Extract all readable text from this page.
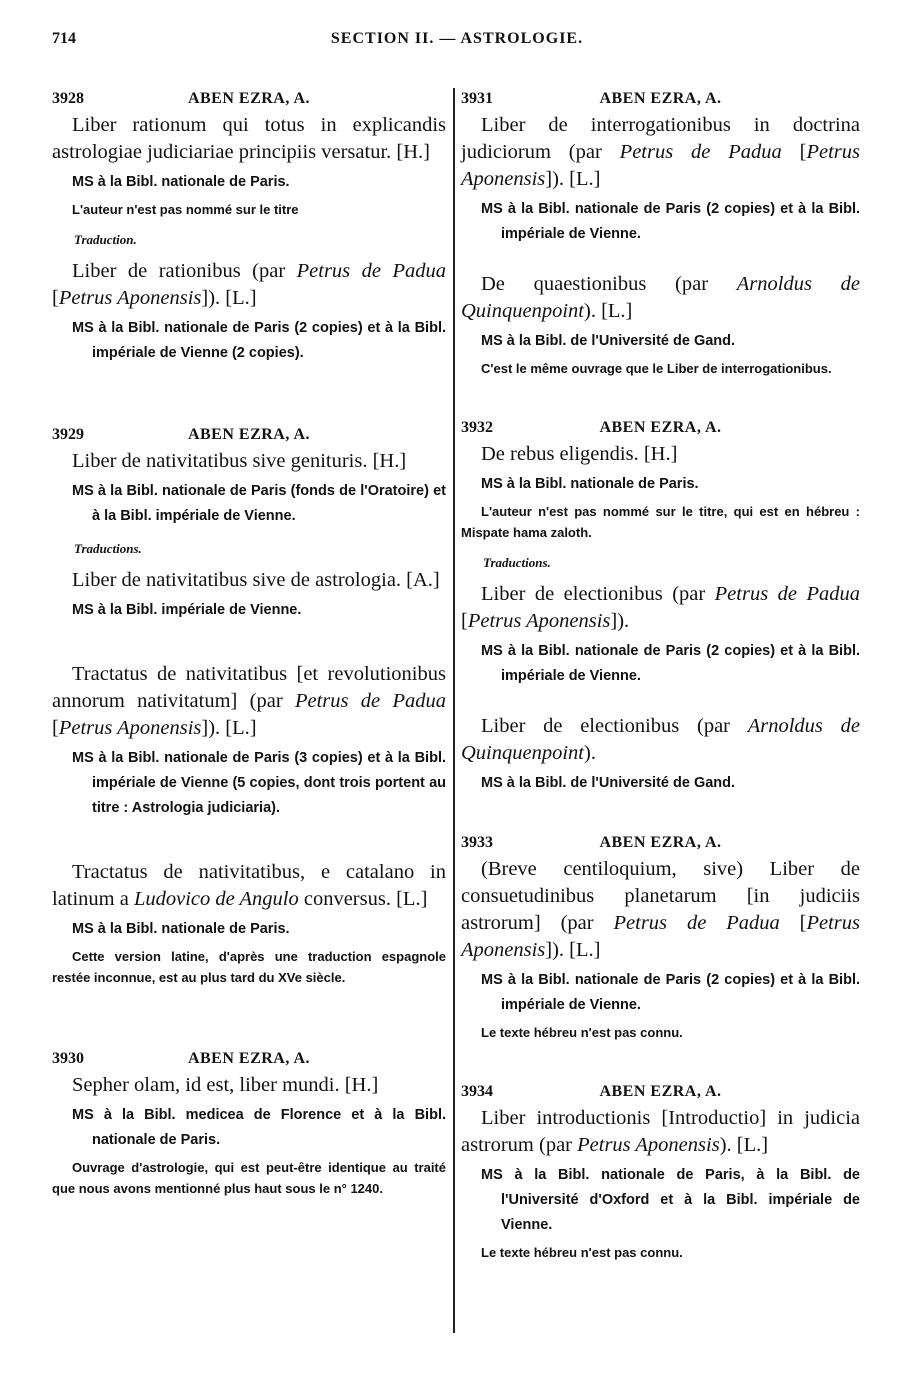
714	SECTION II. — ASTROLOGIE.
3928	ABEN EZRA, A.

Liber rationum qui totus in explicandis astrologiae judiciariae principiis versatur. [H.]

MS à la Bibl. nationale de Paris.

L'auteur n'est pas nommé sur le titre

Traduction.

Liber de rationibus (par Petrus de Padua [Petrus Aponensis]). [L.]

MS à la Bibl. nationale de Paris (2 copies) et à la Bibl. impériale de Vienne (2 copies).

3929	ABEN EZRA, A.

Liber de nativitatibus sive genituris. [H.]

MS à la Bibl. nationale de Paris (fonds de l'Oratoire) et à la Bibl. impériale de Vienne.

Traductions.

Liber de nativitatibus sive de astrologia. [A.]

MS à la Bibl. impériale de Vienne.

Tractatus de nativitatibus [et revolutionibus annorum nativitatum] (par Petrus de Padua [Petrus Aponensis]). [L.]

MS à la Bibl. nationale de Paris (3 copies) et à la Bibl. impériale de Vienne (5 copies, dont trois portent au titre : Astrologia judiciaria).

Tractatus de nativitatibus, e catalano in latinum a Ludovico de Angulo conversus. [L.]

MS à la Bibl. nationale de Paris.

Cette version latine, d'après une traduction espagnole restée inconnue, est au plus tard du XVe siècle.

3930	ABEN EZRA, A.

Sepher olam, id est, liber mundi. [H.]

MS à la Bibl. medicea de Florence et à la Bibl. nationale de Paris.

Ouvrage d'astrologie, qui est peut-être identique au traité que nous avons mentionné plus haut sous le n° 1240.

3931	ABEN EZRA, A.

Liber de interrogationibus in doctrina judiciorum (par Petrus de Padua [Petrus Aponensis]). [L.]

MS à la Bibl. nationale de Paris (2 copies) et à la Bibl. impériale de Vienne.

De quaestionibus (par Arnoldus de Quinquenpoint). [L.]

MS à la Bibl. de l'Université de Gand.

C'est le même ouvrage que le Liber de interrogationibus.

3932	ABEN EZRA, A.

De rebus eligendis. [H.]

MS à la Bibl. nationale de Paris.

L'auteur n'est pas nommé sur le titre, qui est en hébreu : Mispate hama zaloth.

Traductions.

Liber de electionibus (par Petrus de Padua [Petrus Aponensis]).

MS à la Bibl. nationale de Paris (2 copies) et à la Bibl. impériale de Vienne.

Liber de electionibus (par Arnoldus de Quinquenpoint).

MS à la Bibl. de l'Université de Gand.

3933	ABEN EZRA, A.

(Breve centiloquium, sive) Liber de consuetudinibus planetarum [in judiciis astrorum] (par Petrus de Padua [Petrus Aponensis]). [L.]

MS à la Bibl. nationale de Paris (2 copies) et à la Bibl. impériale de Vienne.

Le texte hébreu n'est pas connu.

3934	ABEN EZRA, A.

Liber introductionis [Introductio] in judicia astrorum (par Petrus Aponensis). [L.]

MS à la Bibl. nationale de Paris, à la Bibl. de l'Université d'Oxford et à la Bibl. impériale de Vienne.

Le texte hébreu n'est pas connu.
